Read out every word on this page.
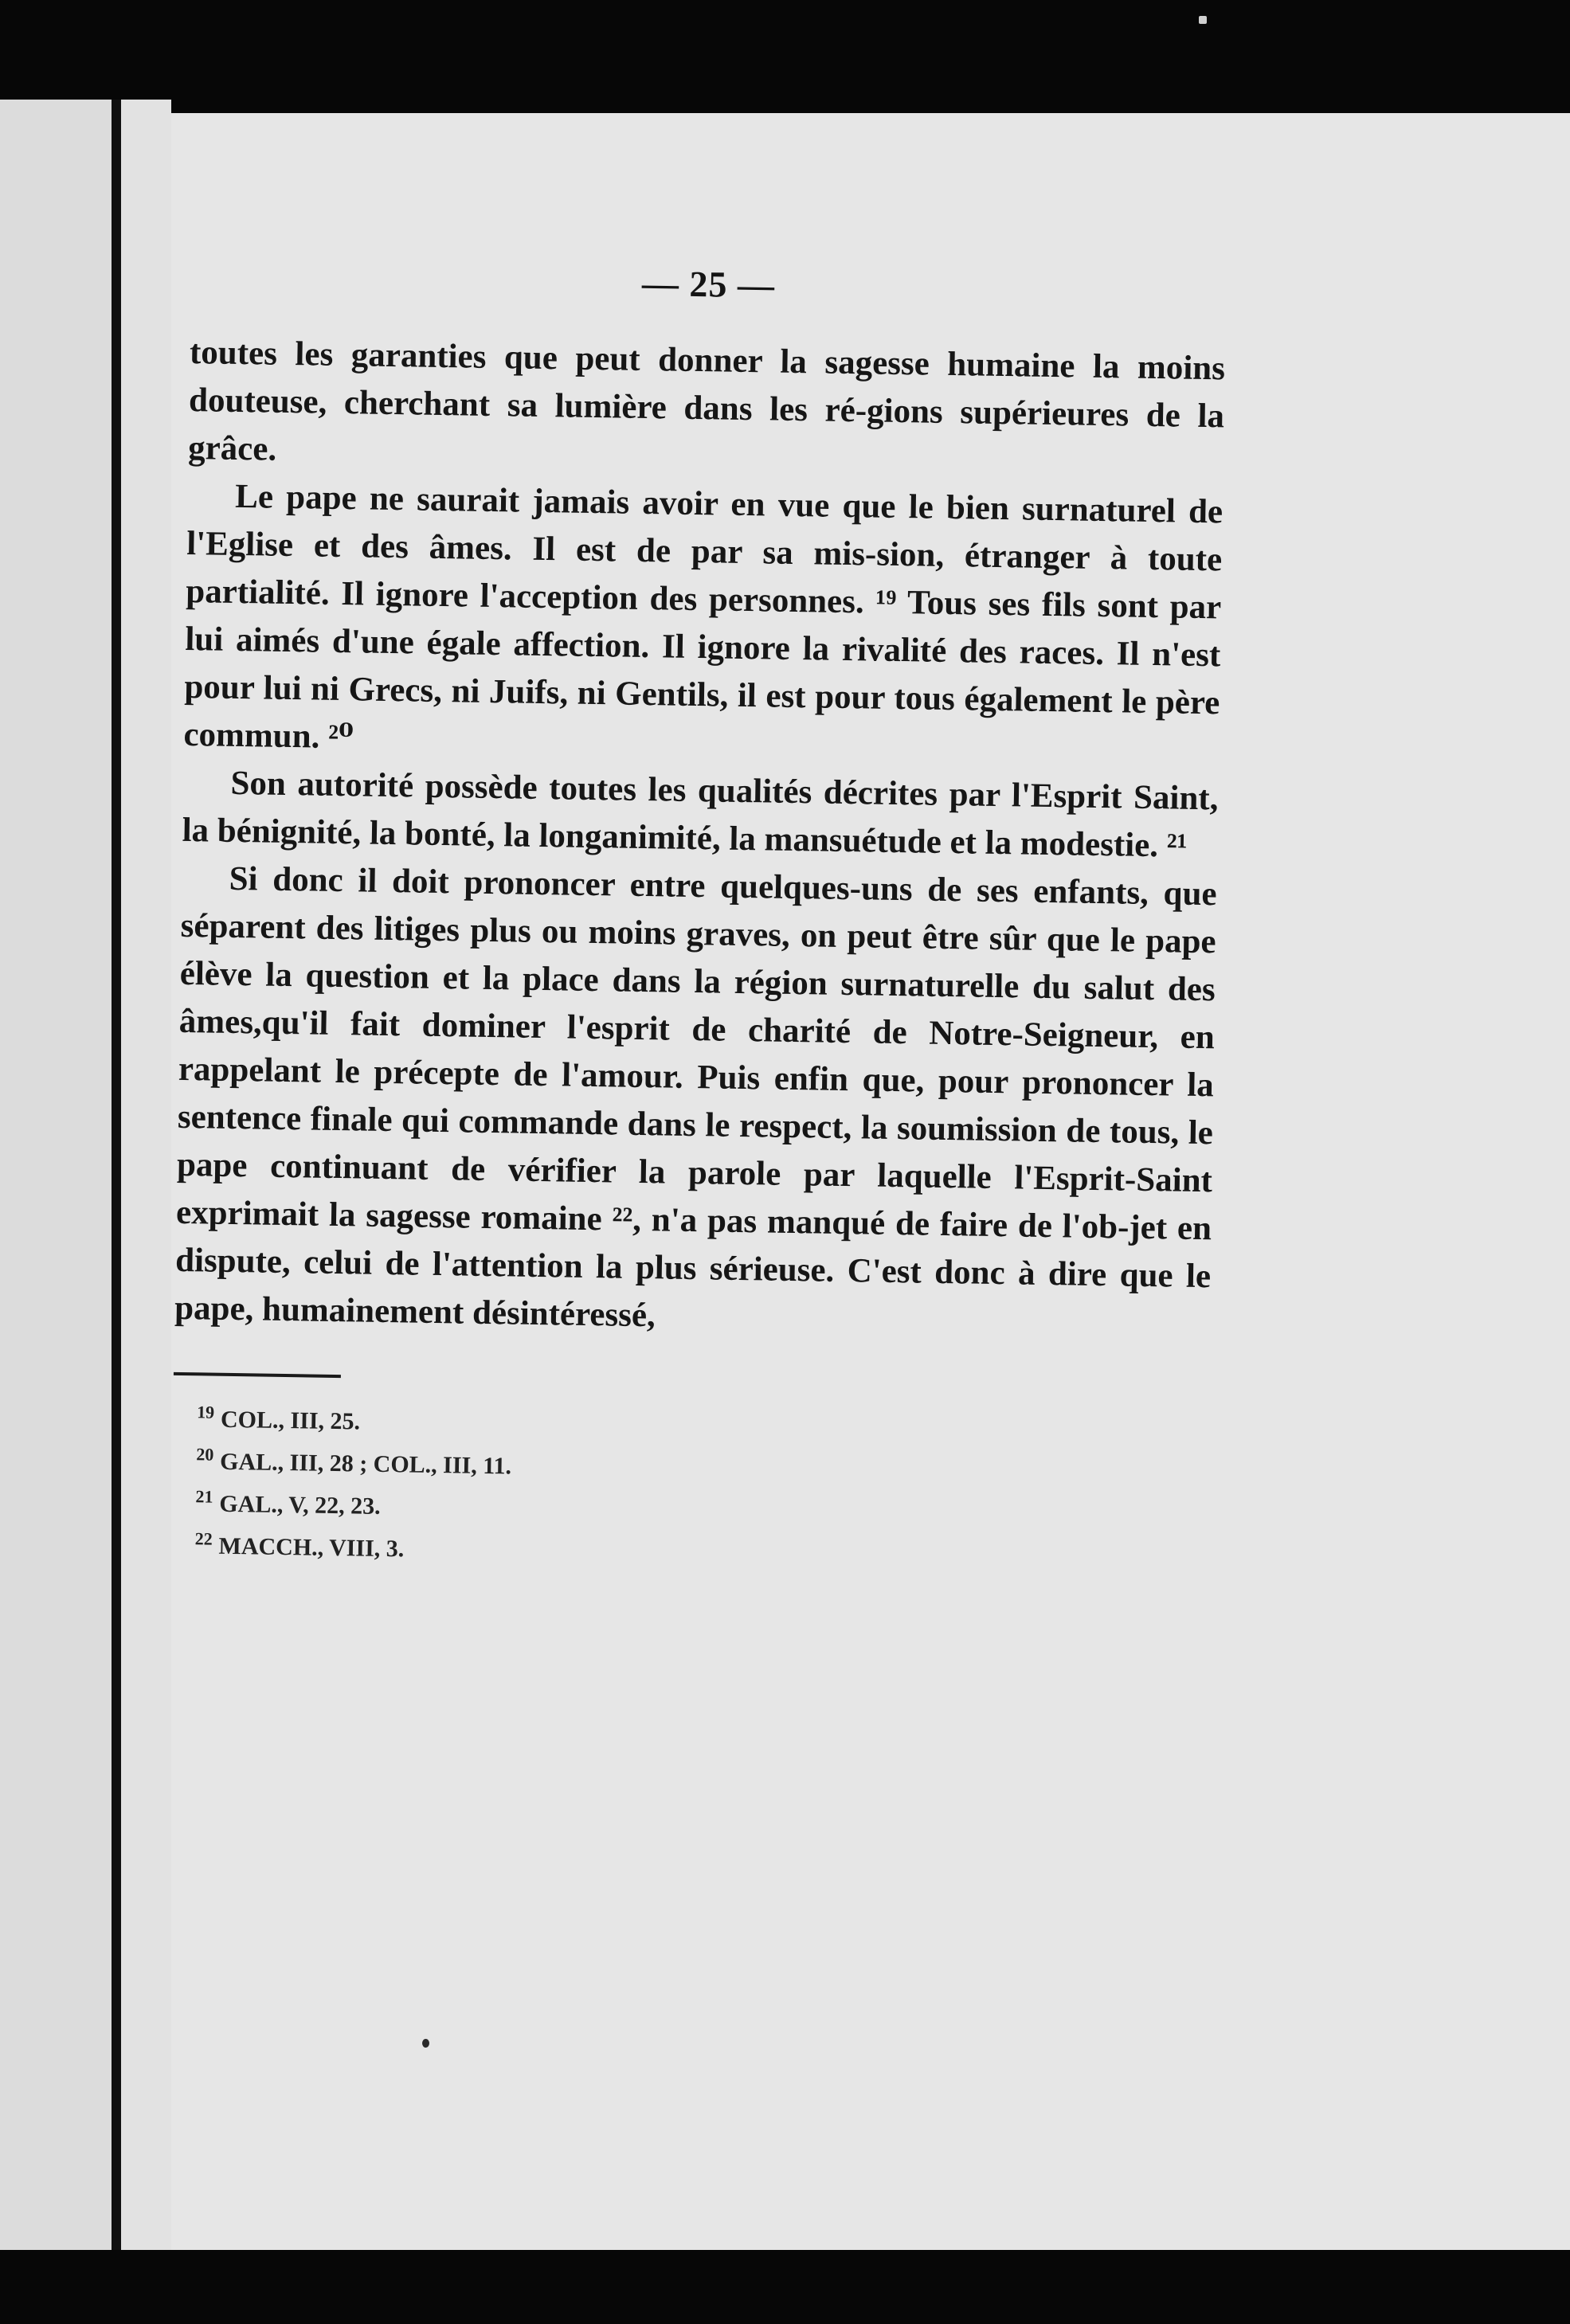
— 25 —

toutes les garanties que peut donner la sagesse humaine la moins douteuse, cherchant sa lumière dans les ré-gions supérieures de la grâce.

Le pape ne saurait jamais avoir en vue que le bien surnaturel de l'Eglise et des âmes. Il est de par sa mis-sion, étranger à toute partialité. Il ignore l'acception des personnes. ¹⁹ Tous ses fils sont par lui aimés d'une égale affection. Il ignore la rivalité des races. Il n'est pour lui ni Grecs, ni Juifs, ni Gentils, il est pour tous également le père commun. ²⁰

Son autorité possède toutes les qualités décrites par l'Esprit Saint, la bénignité, la bonté, la longanimité, la mansuétude et la modestie. ²¹

Si donc il doit prononcer entre quelques-uns de ses enfants, que séparent des litiges plus ou moins graves, on peut être sûr que le pape élève la question et la place dans la région surnaturelle du salut des âmes,qu'il fait dominer l'esprit de charité de Notre-Seigneur, en rappelant le précepte de l'amour. Puis enfin que, pour prononcer la sentence finale qui commande dans le respect, la soumission de tous, le pape continuant de vérifier la parole par laquelle l'Esprit-Saint exprimait la sagesse romaine ²², n'a pas manqué de faire de l'ob-jet en dispute, celui de l'attention la plus sérieuse. C'est donc à dire que le pape, humainement désintéressé,

$^{19}$ COL., III, 25.

$^{20}$ GAL., III, 28 ; COL., III, 11.

$^{21}$ GAL., V, 22, 23.

$^{22}$ MACCH., VIII, 3.
